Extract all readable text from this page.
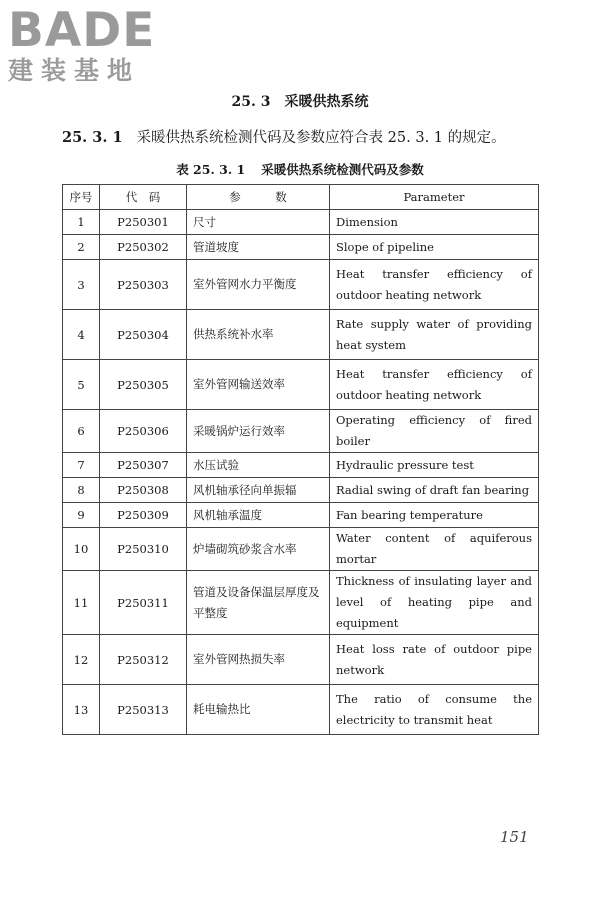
BADE
建装基地
25. 3 采暖供热系统
25. 3. 1 采暖供热系统检测代码及参数应符合表 25. 3. 1 的规定。
表 25. 3. 1 采暖供热系统检测代码及参数
序号	代　码	参　　　数	Parameter
1	P250301	尺寸	Dimension
2	P250302	管道坡度	Slope of pipeline
3	P250303	室外管网水力平衡度	Heat transfer efficiency of outdoor heating network
4	P250304	供热系统补水率	Rate supply water of providing heat system
5	P250305	室外管网输送效率	Heat transfer efficiency of outdoor heating network
6	P250306	采暖锅炉运行效率	Operating efficiency of fired boiler
7	P250307	水压试验	Hydraulic pressure test
8	P250308	风机轴承径向单振辐	Radial swing of draft fan bearing
9	P250309	风机轴承温度	Fan bearing temperature
10	P250310	炉墙砌筑砂浆含水率	Water content of aquiferous mortar
11	P250311	管道及设备保温层厚度及平整度	Thickness of insulating layer and level of heating pipe and equipment
12	P250312	室外管网热损失率	Heat loss rate of outdoor pipe network
13	P250313	耗电输热比	The ratio of consume the electricity to transmit heat
151
